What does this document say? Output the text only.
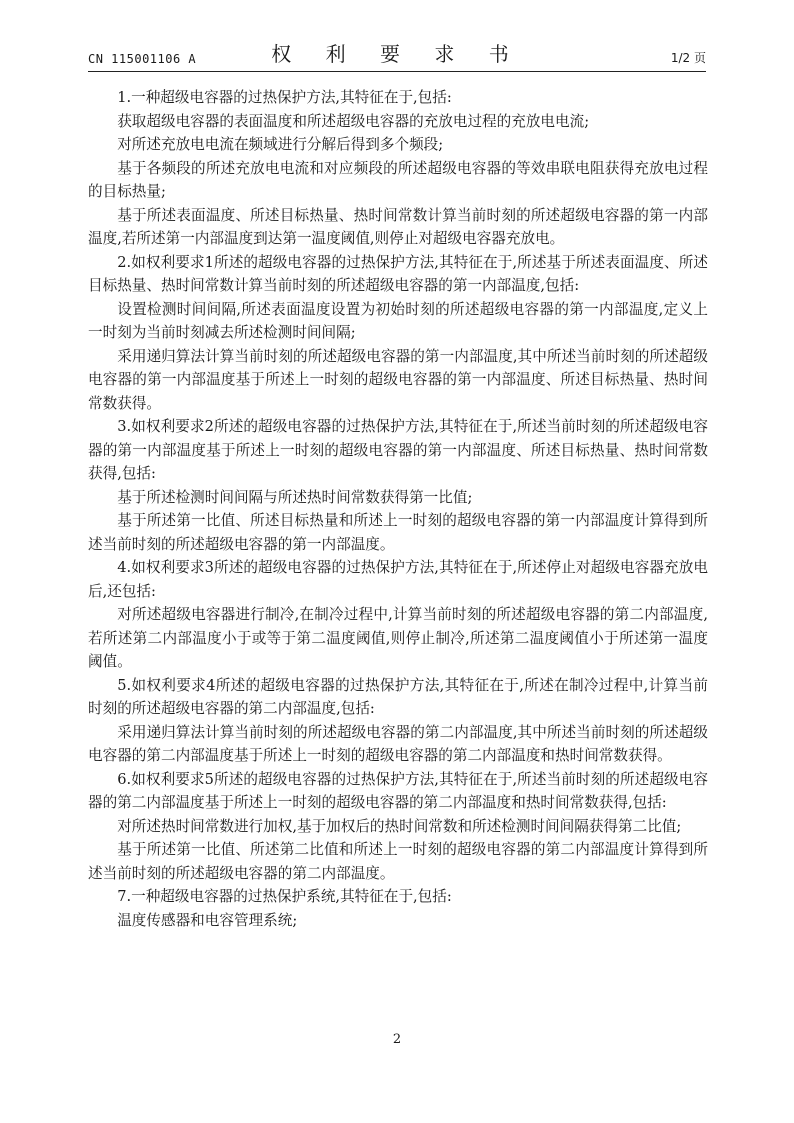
CN 115001106 A	权 利 要 求 书	1/2 页

1.一种超级电容器的过热保护方法,其特征在于,包括:

获取超级电容器的表面温度和所述超级电容器的充放电过程的充放电电流;

对所述充放电电流在频域进行分解后得到多个频段;

基于各频段的所述充放电电流和对应频段的所述超级电容器的等效串联电阻获得充放电过程的目标热量;

基于所述表面温度、所述目标热量、热时间常数计算当前时刻的所述超级电容器的第一内部温度,若所述第一内部温度到达第一温度阈值,则停止对超级电容器充放电。

2.如权利要求1所述的超级电容器的过热保护方法,其特征在于,所述基于所述表面温度、所述目标热量、热时间常数计算当前时刻的所述超级电容器的第一内部温度,包括:

设置检测时间间隔,所述表面温度设置为初始时刻的所述超级电容器的第一内部温度,定义上一时刻为当前时刻减去所述检测时间间隔;

采用递归算法计算当前时刻的所述超级电容器的第一内部温度,其中所述当前时刻的所述超级电容器的第一内部温度基于所述上一时刻的超级电容器的第一内部温度、所述目标热量、热时间常数获得。

3.如权利要求2所述的超级电容器的过热保护方法,其特征在于,所述当前时刻的所述超级电容器的第一内部温度基于所述上一时刻的超级电容器的第一内部温度、所述目标热量、热时间常数获得,包括:

基于所述检测时间间隔与所述热时间常数获得第一比值;

基于所述第一比值、所述目标热量和所述上一时刻的超级电容器的第一内部温度计算得到所述当前时刻的所述超级电容器的第一内部温度。

4.如权利要求3所述的超级电容器的过热保护方法,其特征在于,所述停止对超级电容器充放电后,还包括:

对所述超级电容器进行制冷,在制冷过程中,计算当前时刻的所述超级电容器的第二内部温度,若所述第二内部温度小于或等于第二温度阈值,则停止制冷,所述第二温度阈值小于所述第一温度阈值。

5.如权利要求4所述的超级电容器的过热保护方法,其特征在于,所述在制冷过程中,计算当前时刻的所述超级电容器的第二内部温度,包括:

采用递归算法计算当前时刻的所述超级电容器的第二内部温度,其中所述当前时刻的所述超级电容器的第二内部温度基于所述上一时刻的超级电容器的第二内部温度和热时间常数获得。

6.如权利要求5所述的超级电容器的过热保护方法,其特征在于,所述当前时刻的所述超级电容器的第二内部温度基于所述上一时刻的超级电容器的第二内部温度和热时间常数获得,包括:

对所述热时间常数进行加权,基于加权后的热时间常数和所述检测时间间隔获得第二比值;

基于所述第一比值、所述第二比值和所述上一时刻的超级电容器的第二内部温度计算得到所述当前时刻的所述超级电容器的第二内部温度。

7.一种超级电容器的过热保护系统,其特征在于,包括:

温度传感器和电容管理系统;

2
